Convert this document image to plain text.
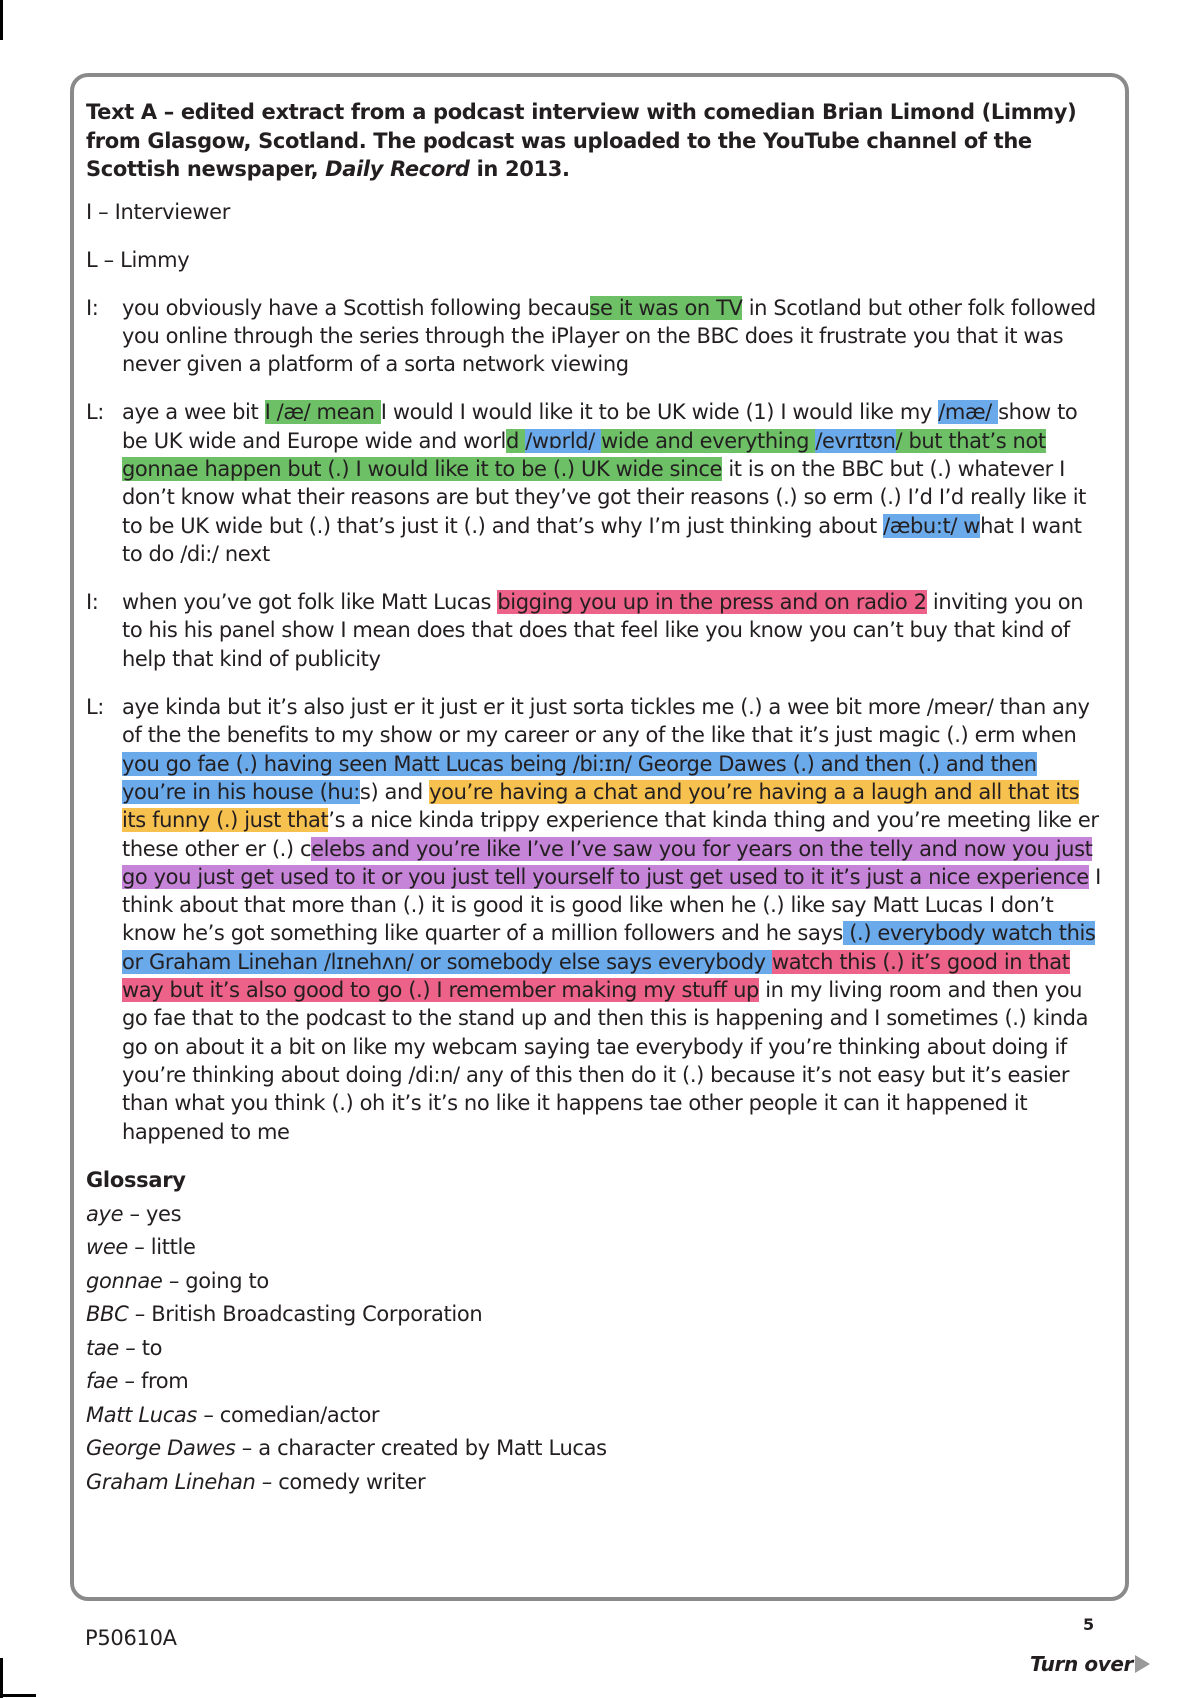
Text A – edited extract from a podcast interview with comedian Brian Limond (Limmy) from Glasgow, Scotland. The podcast was uploaded to the YouTube channel of the Scottish newspaper, Daily Record in 2013.

I – Interviewer

L – Limmy

I:	you obviously have a Scottish following because it was on TV in Scotland but other folk followed you online through the series through the iPlayer on the BBC does it frustrate you that it was never given a platform of a sorta network viewing
L: aye a wee bit I /æ/ mean I would I would like it to be UK wide (1) I would like my /mæ/ show to be UK wide and Europe wide and world /wɒrld/ wide and everything /evrɪtʊn/ but that’s not gonnae happen but (.) I would like it to be (.) UK wide since it is on the BBC but (.) whatever I don’t know what their reasons are but they’ve got their reasons (.) so erm (.) I’d I’d really like it to be UK wide but (.) that’s just it (.) and that’s why I’m just thinking about /æbu:t/ what I want to do /di:/ next
I:	when you’ve got folk like Matt Lucas bigging you up in the press and on radio 2 inviting you on to his his panel show I mean does that does that feel like you know you can’t buy that kind of help that kind of publicity
L: aye kinda but it’s also just er it just er it just sorta tickles me (.) a wee bit more /meər/ than any of the the benefits to my show or my career or any of the like that it’s just magic (.) erm when you go fae (.) having seen Matt Lucas being /bi:ɪn/ George Dawes (.) and then (.) and then you’re in his house (hu:s) and you’re having a chat and you’re having a a laugh and all that its its funny (.) just that’s a nice kinda trippy experience that kinda thing and you’re meeting like er these other er (.) celebs and you’re like I’ve I’ve saw you for years on the telly and now you just go you just get used to it or you just tell yourself to just get used to it it’s just a nice experience I think about that more than (.) it is good it is good like when he (.) like say Matt Lucas I don’t know he’s got something like quarter of a million followers and he says (.) everybody watch this or Graham Linehan /lɪnehʌn/ or somebody else says everybody watch this (.) it’s good in that way but it’s also good to go (.) I remember making my stuff up in my living room and then you go fae that to the podcast to the stand up and then this is happening and I sometimes (.) kinda go on about it a bit on like my webcam saying tae everybody if you’re thinking about doing if you’re thinking about doing /di:n/ any of this then do it (.) because it’s not easy but it’s easier than what you think (.) oh it’s it’s no like it happens tae other people it can it happened it happened to me
Glossary
aye – yes
wee – little
gonnae – going to
BBC – British Broadcasting Corporation
tae – to
fae – from
Matt Lucas – comedian/actor
George Dawes – a character created by Matt Lucas
Graham Linehan – comedy writer
5
P50610A
Turn over
